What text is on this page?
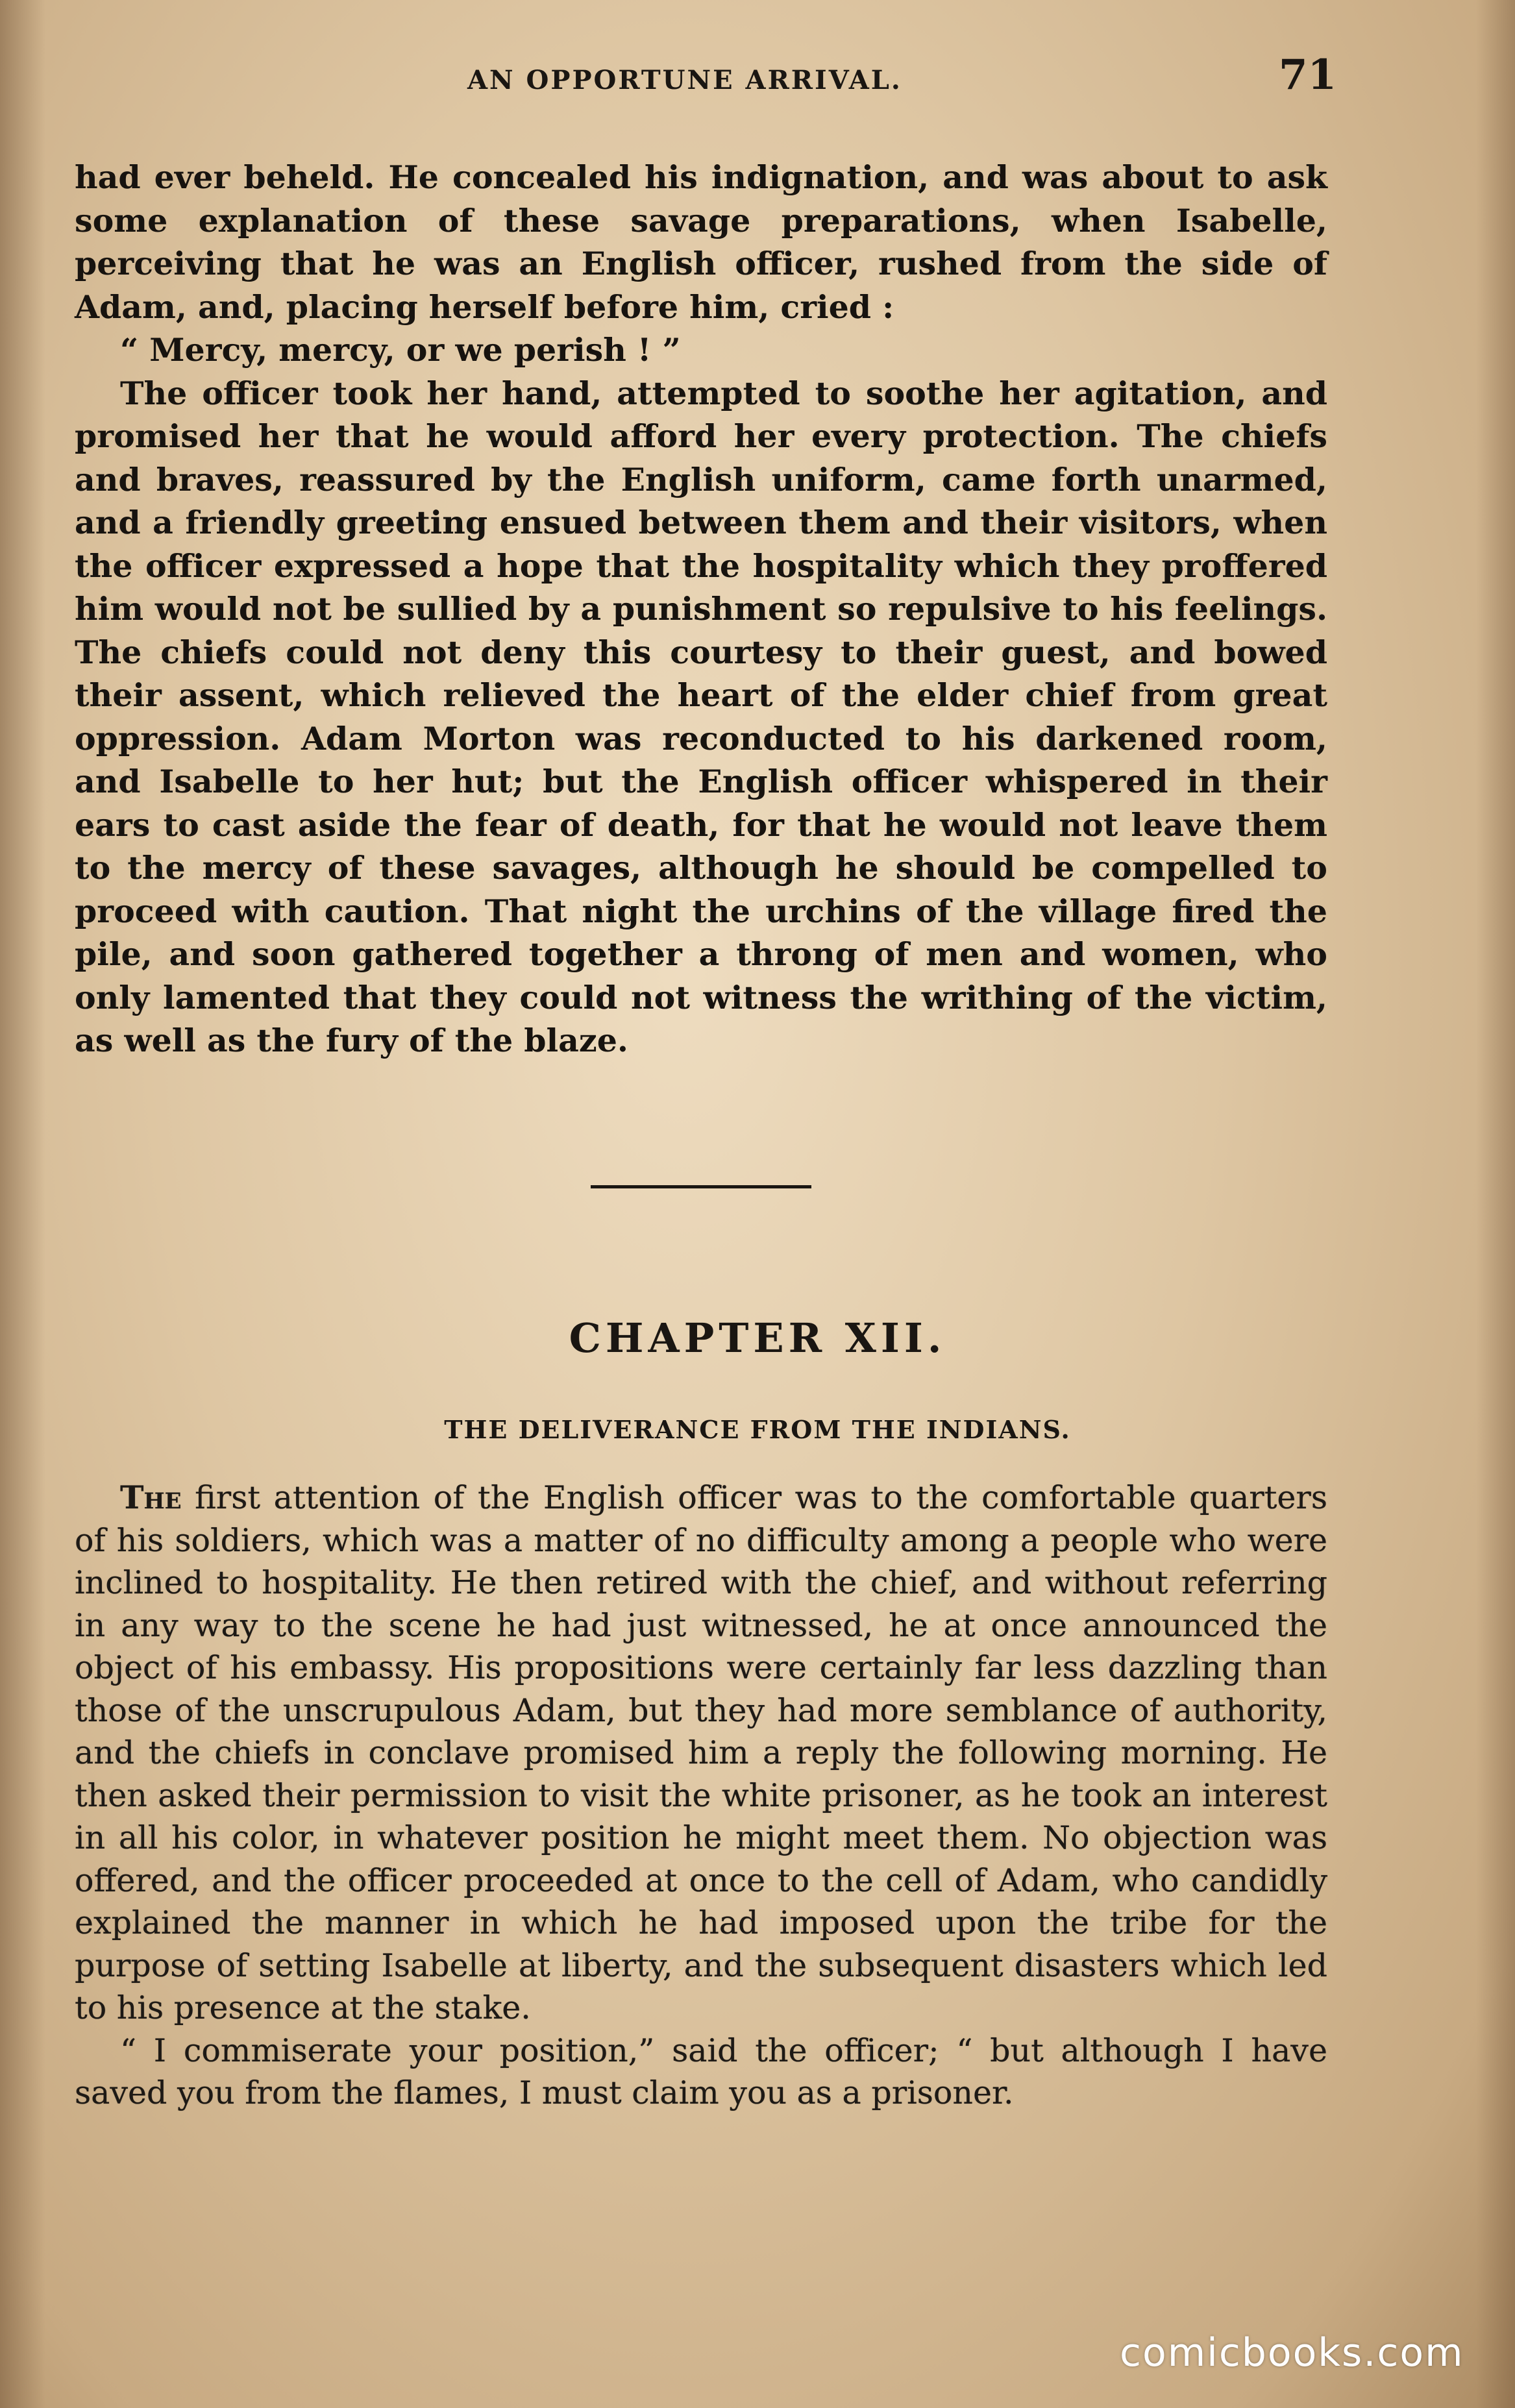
AN OPPORTUNE ARRIVAL.	71

had ever beheld. He concealed his indignation, and was about to ask some explanation of these savage preparations, when Isabelle, perceiving that he was an English officer, rushed from the side of Adam, and, placing herself before him, cried :

“ Mercy, mercy, or we perish ! ”

The officer took her hand, attempted to soothe her agitation, and promised her that he would afford her every protection. The chiefs and braves, reassured by the English uniform, came forth unarmed, and a friendly greeting ensued between them and their visitors, when the officer expressed a hope that the hospitality which they proffered him would not be sullied by a punishment so repulsive to his feelings. The chiefs could not deny this courtesy to their guest, and bowed their assent, which relieved the heart of the elder chief from great oppression. Adam Morton was reconducted to his darkened room, and Isabelle to her hut; but the English officer whispered in their ears to cast aside the fear of death, for that he would not leave them to the mercy of these savages, although he should be compelled to proceed with caution. That night the urchins of the village fired the pile, and soon gathered together a throng of men and women, who only lamented that they could not witness the writhing of the victim, as well as the fury of the blaze.

CHAPTER XII.
THE DELIVERANCE FROM THE INDIANS.

The first attention of the English officer was to the comfortable quarters of his soldiers, which was a matter of no difficulty among a people who were inclined to hospitality. He then retired with the chief, and without referring in any way to the scene he had just witnessed, he at once announced the object of his embassy. His propositions were certainly far less dazzling than those of the unscrupulous Adam, but they had more semblance of authority, and the chiefs in conclave promised him a reply the following morning. He then asked their permission to visit the white prisoner, as he took an interest in all his color, in whatever position he might meet them. No objection was offered, and the officer proceeded at once to the cell of Adam, who candidly explained the manner in which he had imposed upon the tribe for the purpose of setting Isabelle at liberty, and the subsequent disasters which led to his presence at the stake.

“ I commiserate your position,” said the officer; “ but although I have saved you from the flames, I must claim you as a prisoner.

comicbooks.com
